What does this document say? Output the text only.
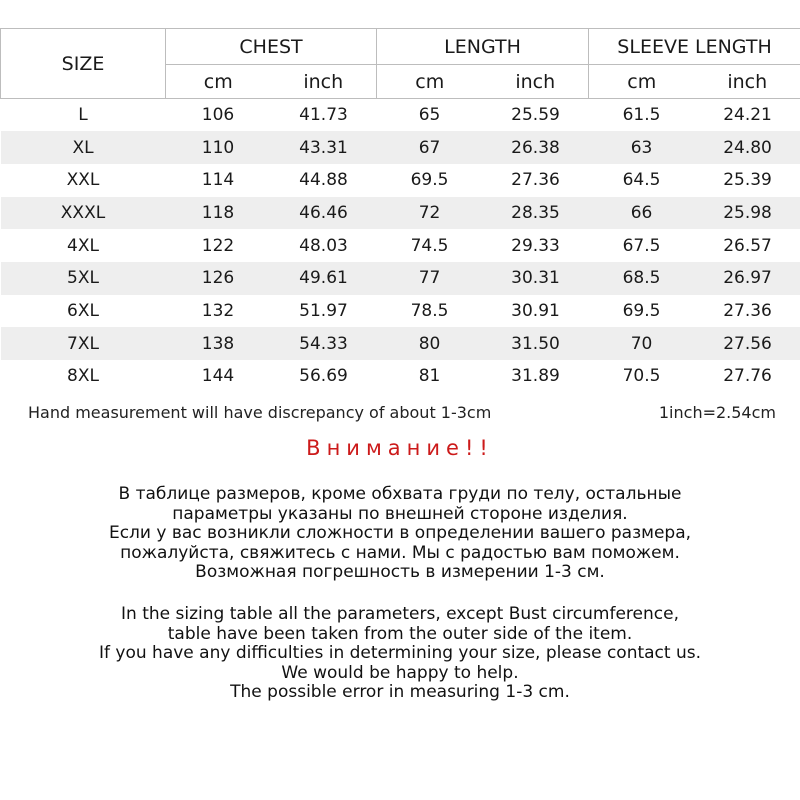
SIZE	CHEST		LENGTH		SLEEVE LENGTH	
	cm	inch	cm	inch	cm	inch
L	106	41.73	65	25.59	61.5	24.21
XL	110	43.31	67	26.38	63	24.80
XXL	114	44.88	69.5	27.36	64.5	25.39
XXXL	118	46.46	72	28.35	66	25.98
4XL	122	48.03	74.5	29.33	67.5	26.57
5XL	126	49.61	77	30.31	68.5	26.97
6XL	132	51.97	78.5	30.91	69.5	27.36
7XL	138	54.33	80	31.50	70	27.56
8XL	144	56.69	81	31.89	70.5	27.76
Hand measurement will have discrepancy of about 1-3cm	1inch=2.54cm
Внимание!!
В таблице размеров, кроме обхвата груди по телу, остальные
параметры указаны по внешней стороне изделия.
Если у вас возникли сложности в определении вашего размера,
пожалуйста, свяжитесь с нами. Мы с радостью вам поможем.
Возможная погрешность в измерении 1-3 см.
In the sizing table all the parameters, except Bust circumference,
table have been taken from the outer side of the item.
If you have any difficulties in determining your size, please contact us.
We would be happy to help.
The possible error in measuring 1-3 cm.
